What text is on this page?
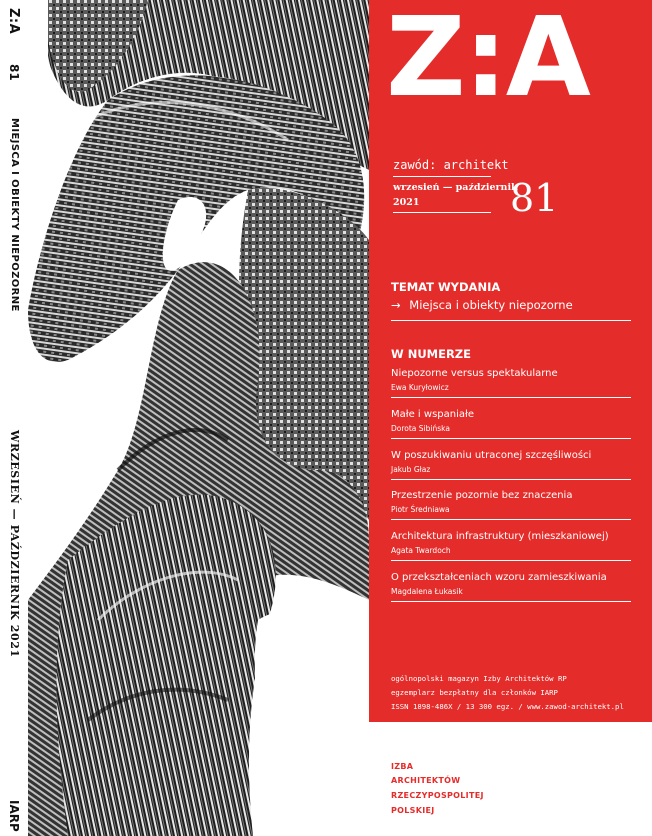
Z:A
81
MIEJSCA I OBIEKTY NIEPOZORNE
WRZESIEŃ — PAŹDZIERNIK 2021
IARP
Z:A
zawód: architekt
wrzesień — październik
2021 81
TEMAT WYDANIA
→ Miejsca i obiekty niepozorne
W NUMERZE
Niepozorne versus spektakularne
Ewa Kuryłowicz
Małe i wspaniałe
Dorota Sibińska
W poszukiwaniu utraconej szczęśliwości
Jakub Głaz
Przestrzenie pozornie bez znaczenia
Piotr Średniawa
Architektura infrastruktury (mieszkaniowej)
Agata Twardoch
O przekształceniach wzoru zamieszkiwania
Magdalena Łukasik
ogólnopolski magazyn Izby Architektów RP
egzemplarz bezpłatny dla członków IARP
ISSN 1898-486X / 13 300 egz. / www.zawod-architekt.pl
IZBA
ARCHITEKTÓW
RZECZYPOSPOLITEJ
POLSKIEJ
